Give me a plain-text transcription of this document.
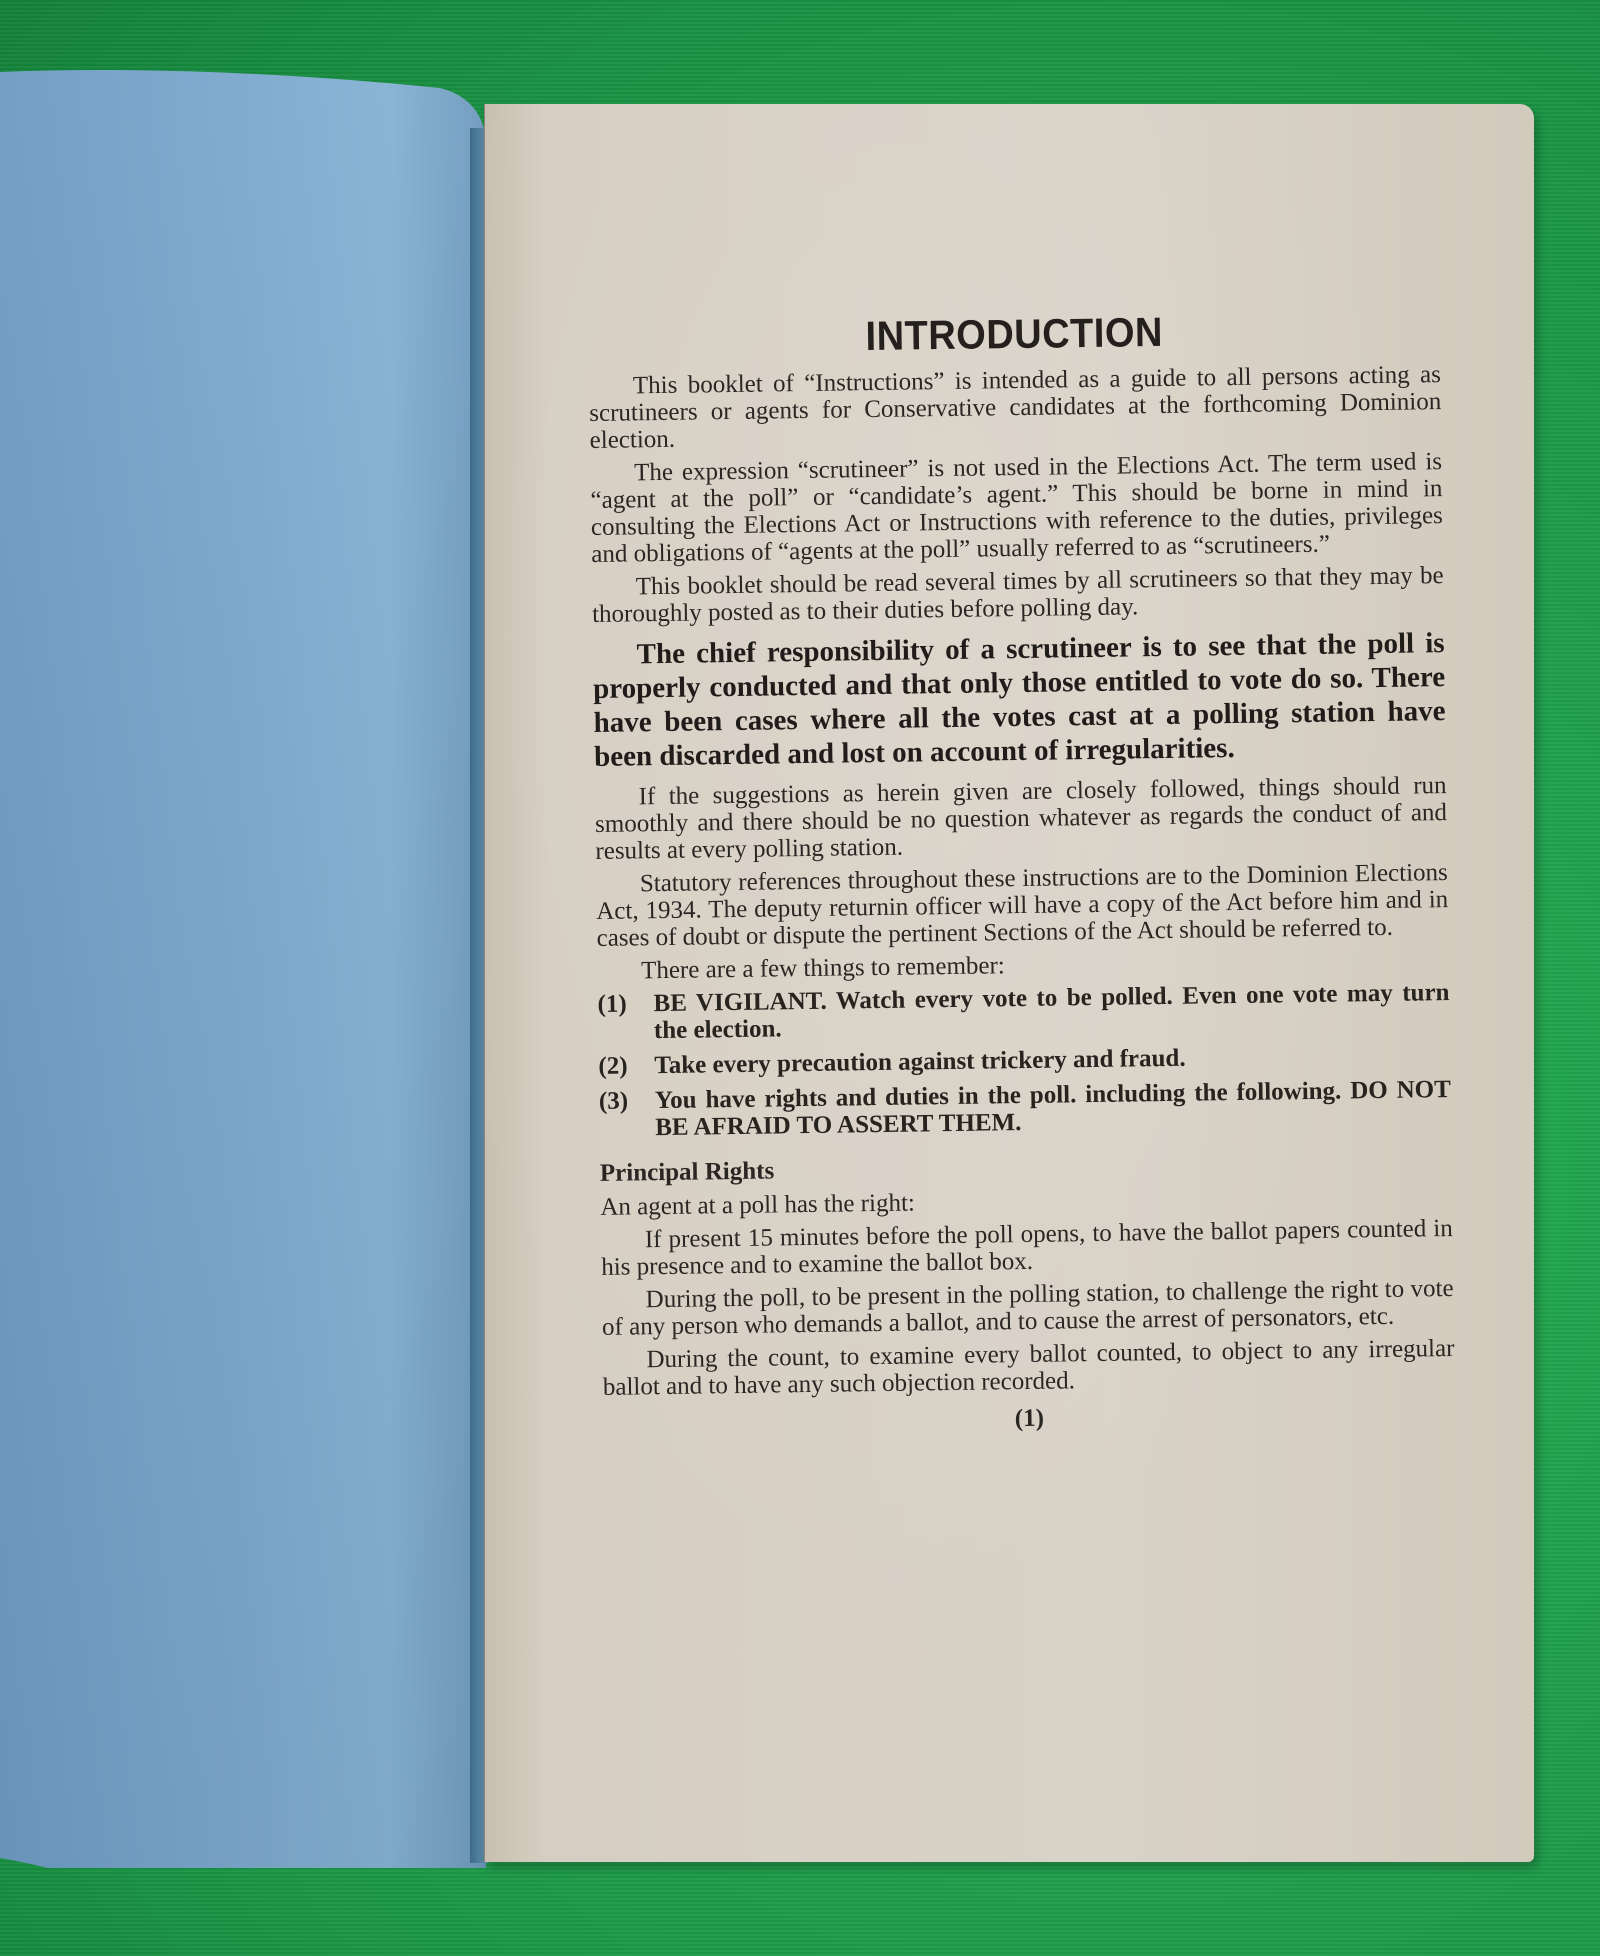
INTRODUCTION

This booklet of “Instructions” is intended as a guide to all persons acting as scrutineers or agents for Conservative candidates at the forthcoming Dominion election.

The expression “scrutineer” is not used in the Elections Act. The term used is “agent at the poll” or “candidate’s agent.” This should be borne in mind in consulting the Elections Act or Instructions with reference to the duties, privileges and obligations of “agents at the poll” usually referred to as “scrutineers.”

This booklet should be read several times by all scrutineers so that they may be thoroughly posted as to their duties before polling day.

The chief responsibility of a scrutineer is to see that the poll is properly conducted and that only those entitled to vote do so. There have been cases where all the votes cast at a polling station have been discarded and lost on account of irregularities.

If the suggestions as herein given are closely followed, things should run smoothly and there should be no question whatever as regards the conduct of and results at every polling station.

Statutory references throughout these instructions are to the Dominion Elections Act, 1934. The deputy returnin officer will have a copy of the Act before him and in cases of doubt or dispute the pertinent Sections of the Act should be referred to.

There are a few things to remember:

(1)	BE VIGILANT. Watch every vote to be polled. Even one vote may turn the election.
(2)	Take every precaution against trickery and fraud.
(3)	You have rights and duties in the poll. including the following. DO NOT BE AFRAID TO ASSERT THEM.
Principal Rights

An agent at a poll has the right:

If present 15 minutes before the poll opens, to have the ballot papers counted in his presence and to examine the ballot box.

During the poll, to be present in the polling station, to challenge the right to vote of any person who demands a ballot, and to cause the arrest of personators, etc.

During the count, to examine every ballot counted, to object to any irregular ballot and to have any such objection recorded.

(1)
